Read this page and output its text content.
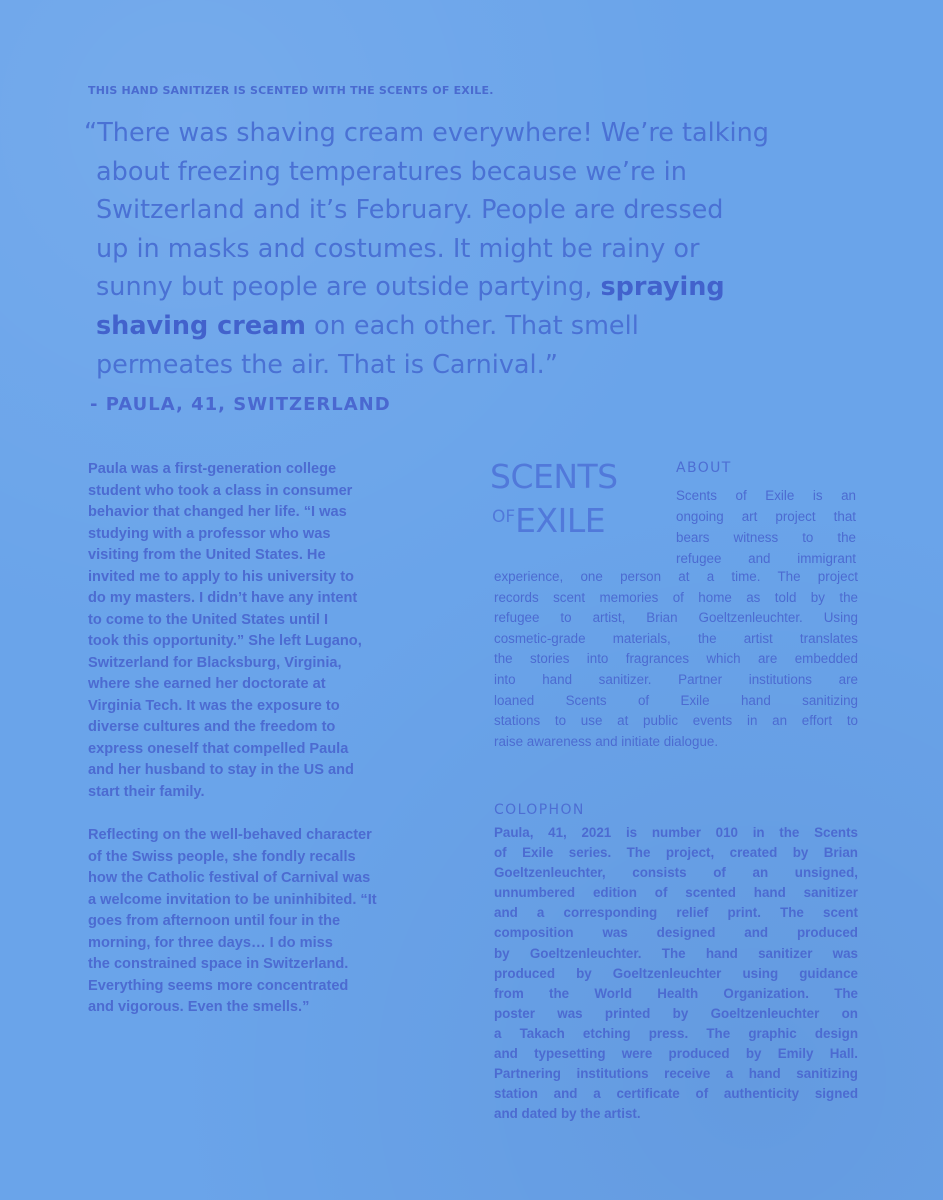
THIS HAND SANITIZER IS SCENTED WITH THE SCENTS OF EXILE.
“There was shaving cream everywhere! We’re talking
about freezing temperatures because we’re in
Switzerland and it’s February. People are dressed
up in masks and costumes. It might be rainy or
sunny but people are outside partying, spraying
shaving cream on each other. That smell
permeates the air. That is Carnival.”
- PAULA, 41, SWITZERLAND
Paula was a first-generation college
student who took a class in consumer
behavior that changed her life. “I was
studying with a professor who was
visiting from the United States. He
invited me to apply to his university to
do my masters. I didn’t have any intent
to come to the United States until I
took this opportunity.” She left Lugano,
Switzerland for Blacksburg, Virginia,
where she earned her doctorate at
Virginia Tech. It was the exposure to
diverse cultures and the freedom to
express oneself that compelled Paula
and her husband to stay in the US and
start their family.
Reflecting on the well-behaved character
of the Swiss people, she fondly recalls
how the Catholic festival of Carnival was
a welcome invitation to be uninhibited. “It
goes from afternoon until four in the
morning, for three days… I do miss
the constrained space in Switzerland.
Everything seems more concentrated
and vigorous. Even the smells.”
SCENTS
OFEXILE
ABOUT
Scents of Exile is an
ongoing art project that
bears witness to the
refugee and immigrant
experience, one person at a time. The project
records scent memories of home as told by the
refugee to artist, Brian Goeltzenleuchter. Using
cosmetic-grade materials, the artist translates
the stories into fragrances which are embedded
into hand sanitizer. Partner institutions are
loaned Scents of Exile hand sanitizing
stations to use at public events in an effort to
raise awareness and initiate dialogue.
COLOPHON
Paula, 41, 2021 is number 010 in the Scents
of Exile series. The project, created by Brian
Goeltzenleuchter, consists of an unsigned,
unnumbered edition of scented hand sanitizer
and a corresponding relief print. The scent
composition was designed and produced
by Goeltzenleuchter. The hand sanitizer was
produced by Goeltzenleuchter using guidance
from the World Health Organization. The
poster was printed by Goeltzenleuchter on
a Takach etching press. The graphic design
and typesetting were produced by Emily Hall.
Partnering institutions receive a hand sanitizing
station and a certificate of authenticity signed
and dated by the artist.
